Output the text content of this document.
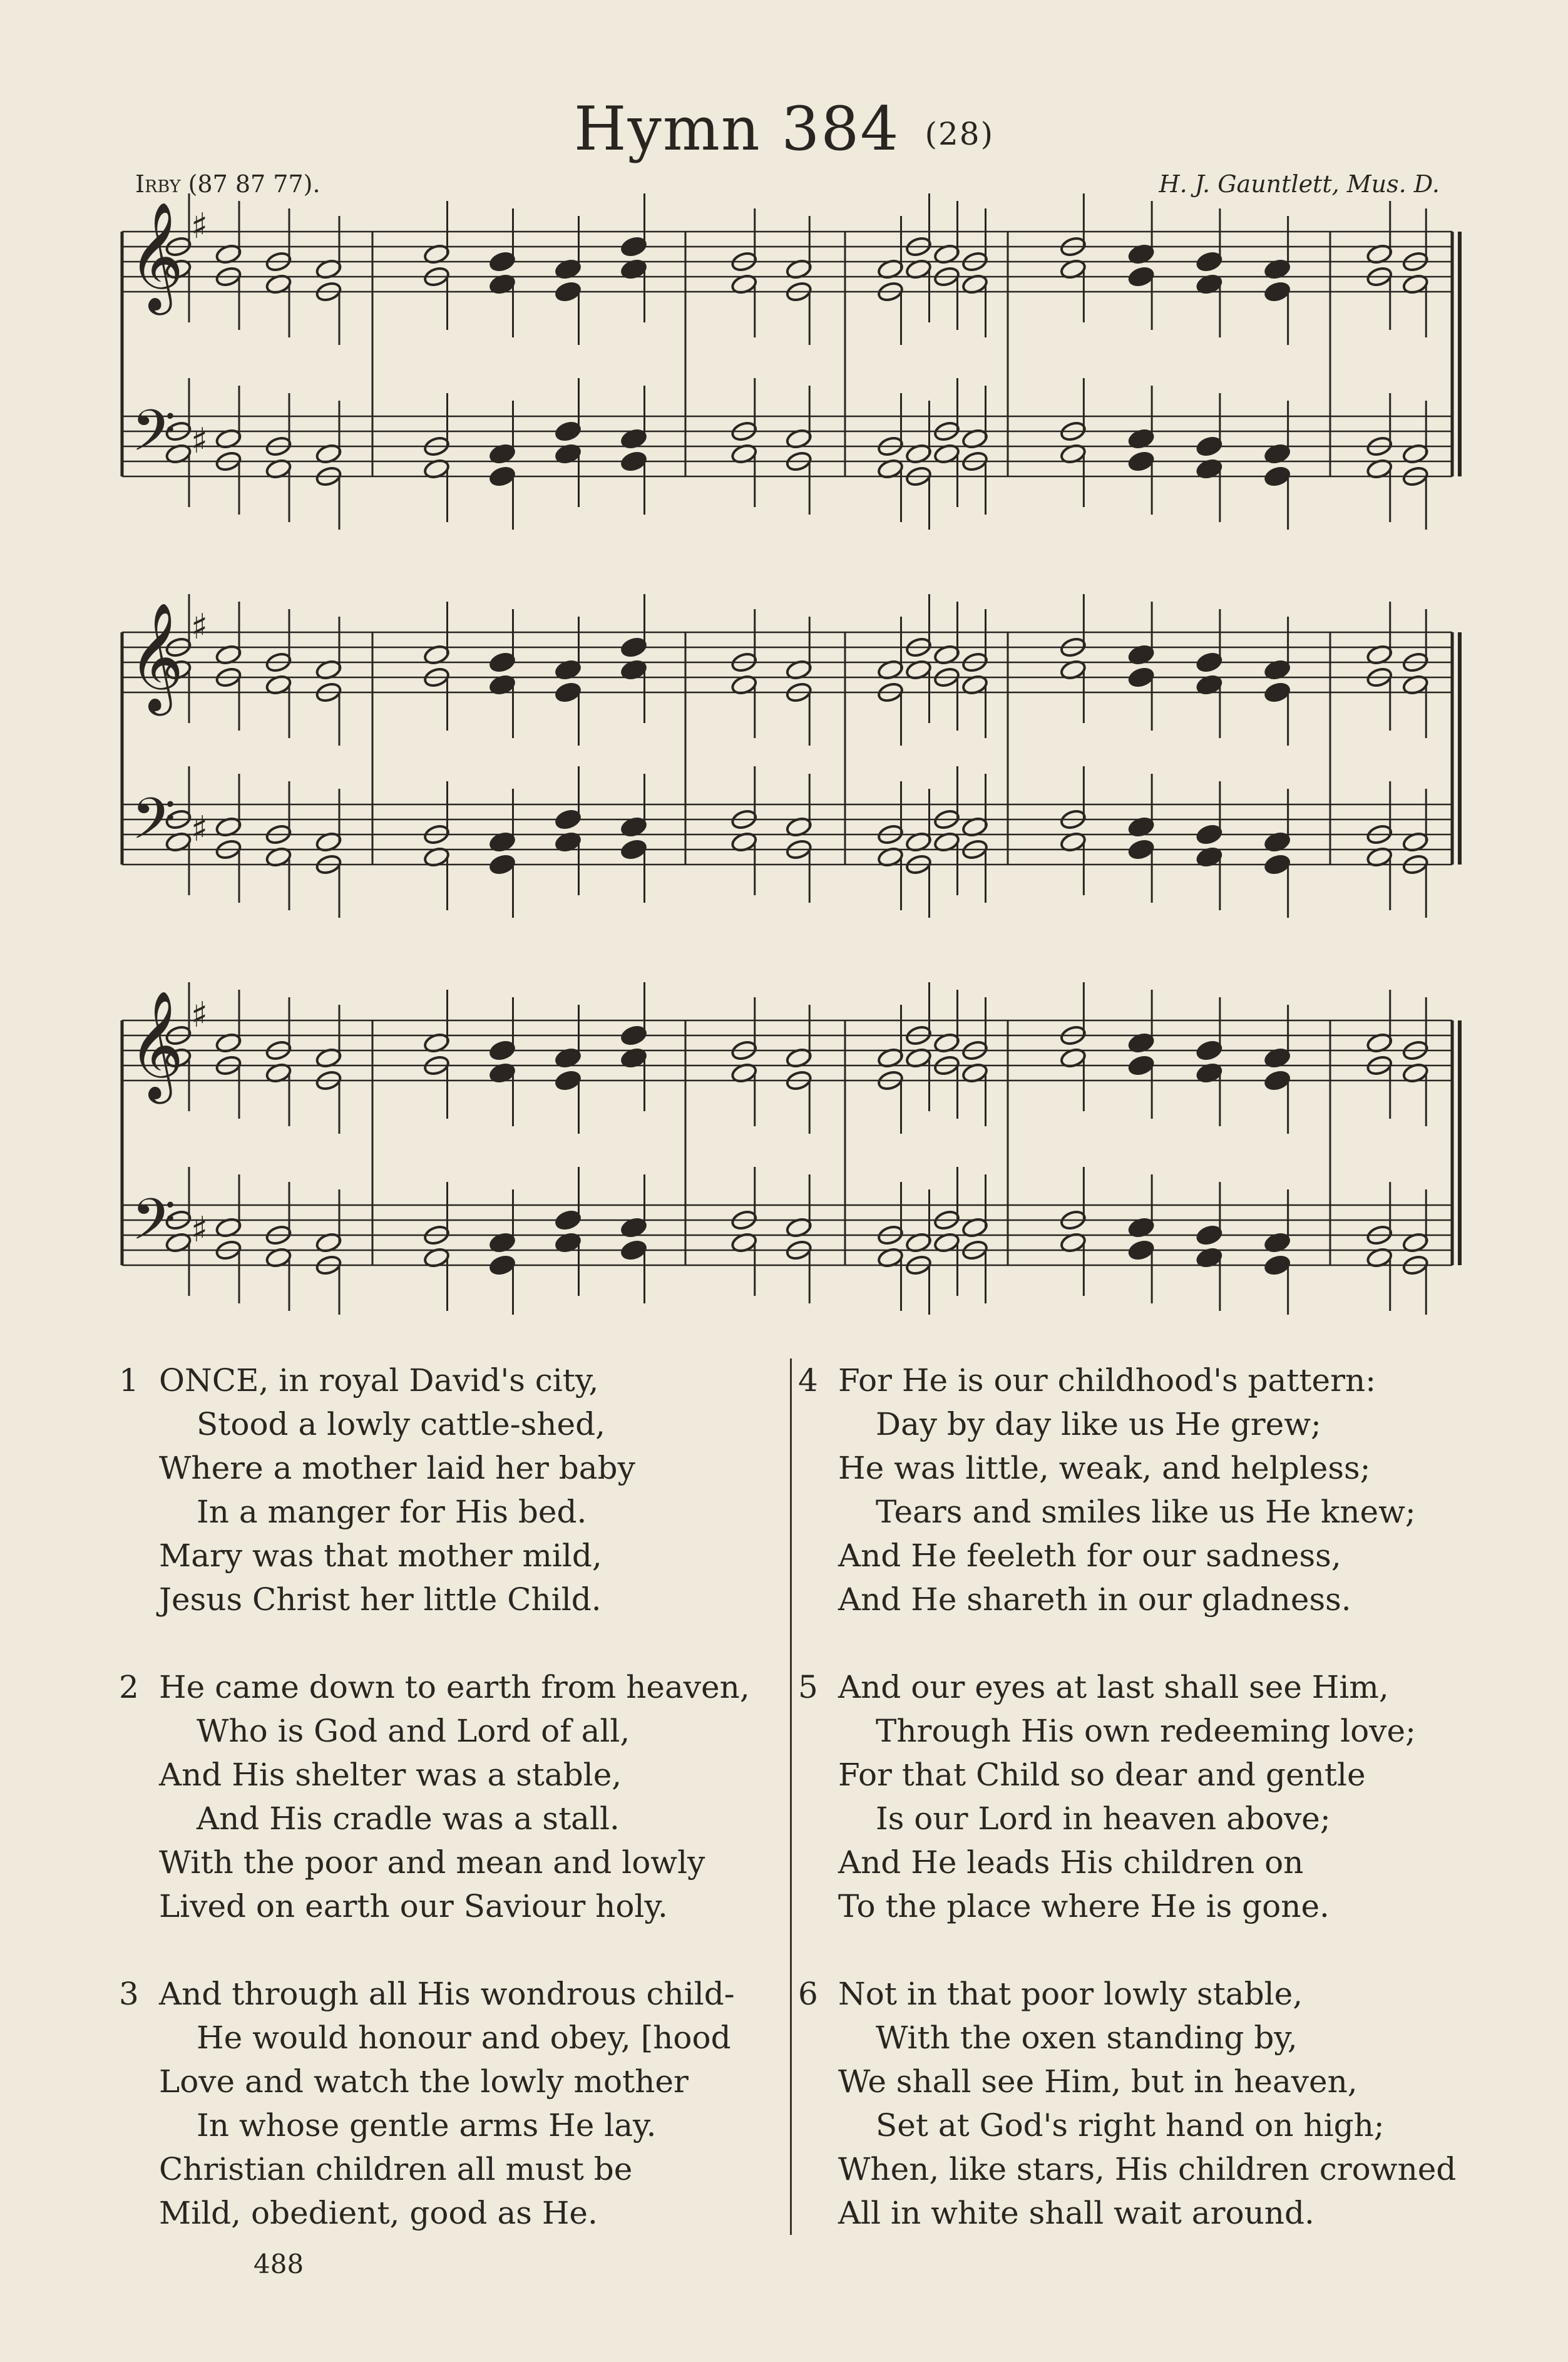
Hymn 384 (28)
Irby (87 87 77).	H. J. Gauntlett, Mus. D.
𝄞
𝄢
♯
♯
𝄞
𝄢
♯
♯
𝄞
𝄢
♯
♯
1 ONCE, in royal David's city,
Stood a lowly cattle-shed,
Where a mother laid her baby
In a manger for His bed.
Mary was that mother mild,
Jesus Christ her little Child.
2 He came down to earth from heaven,
Who is God and Lord of all,
And His shelter was a stable,
And His cradle was a stall.
With the poor and mean and lowly
Lived on earth our Saviour holy.
3 And through all His wondrous child-
He would honour and obey, [hood
Love and watch the lowly mother
In whose gentle arms He lay.
Christian children all must be
Mild, obedient, good as He.
4 For He is our childhood's pattern:
Day by day like us He grew;
He was little, weak, and helpless;
Tears and smiles like us He knew;
And He feeleth for our sadness,
And He shareth in our gladness.
5 And our eyes at last shall see Him,
Through His own redeeming love;
For that Child so dear and gentle
Is our Lord in heaven above;
And He leads His children on
To the place where He is gone.
6 Not in that poor lowly stable,
With the oxen standing by,
We shall see Him, but in heaven,
Set at God's right hand on high;
When, like stars, His children crowned
All in white shall wait around.
488
